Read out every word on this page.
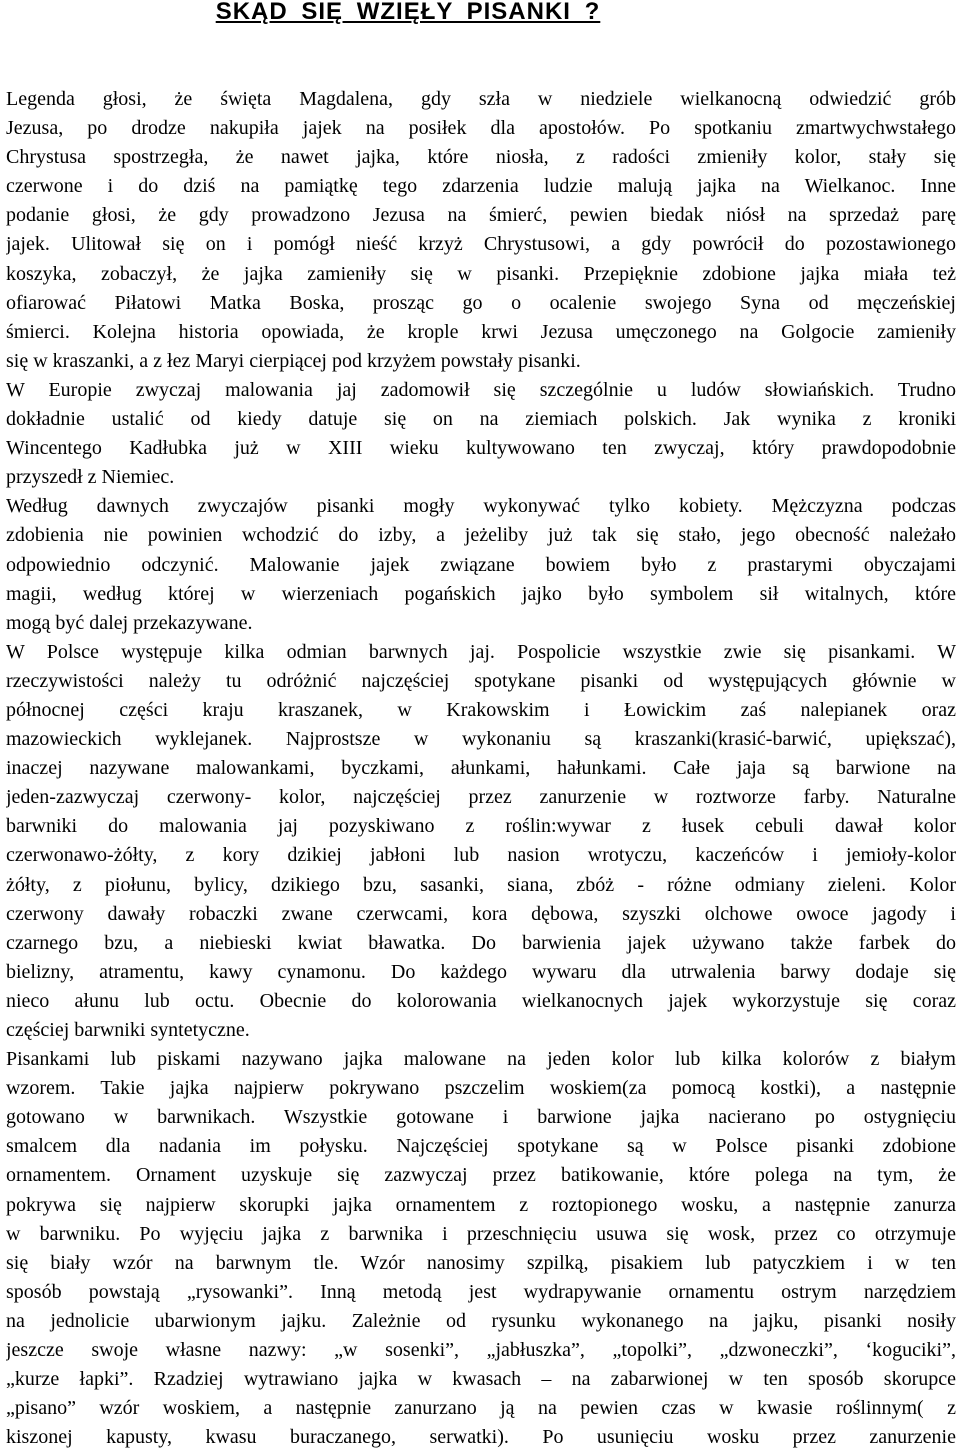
SKĄD SIĘ WZIĘŁY PISANKI ?
Legenda głosi, że święta Magdalena, gdy szła w niedziele wielkanocną odwiedzić grób
Jezusa, po drodze nakupiła jajek na posiłek dla apostołów. Po spotkaniu zmartwychwstałego
Chrystusa spostrzegła, że nawet jajka, które niosła, z radości zmieniły kolor, stały się
czerwone i do dziś na pamiątkę tego zdarzenia ludzie malują jajka na Wielkanoc. Inne
podanie głosi, że gdy prowadzono Jezusa na śmierć, pewien biedak niósł na sprzedaż parę
jajek. Ulitował się on i pomógł nieść krzyż Chrystusowi, a gdy powrócił do pozostawionego
koszyka, zobaczył, że jajka zamieniły się w pisanki. Przepięknie zdobione jajka miała też
ofiarować Piłatowi Matka Boska, prosząc go o ocalenie swojego Syna od męczeńskiej
śmierci. Kolejna historia opowiada, że krople krwi Jezusa umęczonego na Golgocie zamieniły
się w kraszanki, a z łez Maryi cierpiącej pod krzyżem powstały pisanki.
W Europie zwyczaj malowania jaj zadomowił się szczególnie u ludów słowiańskich. Trudno
dokładnie ustalić od kiedy datuje się on na ziemiach polskich. Jak wynika z kroniki
Wincentego Kadłubka już w XIII wieku kultywowano ten zwyczaj, który prawdopodobnie
przyszedł z Niemiec.
Według dawnych zwyczajów pisanki mogły wykonywać tylko kobiety. Mężczyzna podczas
zdobienia nie powinien wchodzić do izby, a jeżeliby już tak się stało, jego obecność należało
odpowiednio odczynić. Malowanie jajek związane bowiem było z prastarymi obyczajami
magii, według której w wierzeniach pogańskich jajko było symbolem sił witalnych, które
mogą być dalej przekazywane.
W Polsce występuje kilka odmian barwnych jaj. Pospolicie wszystkie zwie się pisankami. W
rzeczywistości należy tu odróżnić najczęściej spotykane pisanki od występujących głównie w
północnej części kraju kraszanek, w Krakowskim i Łowickim zaś nalepianek oraz
mazowieckich wyklejanek. Najprostsze w wykonaniu są kraszanki(krasić-barwić, upiększać),
inaczej nazywane malowankami, byczkami, ałunkami, hałunkami. Całe jaja są barwione na
jeden-zazwyczaj czerwony- kolor, najczęściej przez zanurzenie w roztworze farby. Naturalne
barwniki do malowania jaj pozyskiwano z roślin:wywar z łusek cebuli dawał kolor
czerwonawo-żółty, z kory dzikiej jabłoni lub nasion wrotyczu, kaczeńców i jemioły-kolor
żółty, z piołunu, bylicy, dzikiego bzu, sasanki, siana, zbóż - różne odmiany zieleni. Kolor
czerwony dawały robaczki zwane czerwcami, kora dębowa, szyszki olchowe owoce jagody i
czarnego bzu, a niebieski kwiat bławatka. Do barwienia jajek używano także farbek do
bielizny, atramentu, kawy cynamonu. Do każdego wywaru dla utrwalenia barwy dodaje się
nieco ałunu lub octu. Obecnie do kolorowania wielkanocnych jajek wykorzystuje się coraz
częściej barwniki syntetyczne.
Pisankami lub piskami nazywano jajka malowane na jeden kolor lub kilka kolorów z białym
wzorem. Takie jajka najpierw pokrywano pszczelim woskiem(za pomocą kostki), a następnie
gotowano w barwnikach. Wszystkie gotowane i barwione jajka nacierano po ostygnięciu
smalcem dla nadania im połysku. Najczęściej spotykane są w Polsce pisanki zdobione
ornamentem. Ornament uzyskuje się zazwyczaj przez batikowanie, które polega na tym, że
pokrywa się najpierw skorupki jajka ornamentem z roztopionego wosku, a następnie zanurza
w barwniku. Po wyjęciu jajka z barwnika i przeschnięciu usuwa się wosk, przez co otrzymuje
się biały wzór na barwnym tle. Wzór nanosimy szpilką, pisakiem lub patyczkiem i w ten
sposób powstają „rysowanki”. Inną metodą jest wydrapywanie ornamentu ostrym narzędziem
na jednolicie ubarwionym jajku. Zależnie od rysunku wykonanego na jajku, pisanki nosiły
jeszcze swoje własne nazwy: „w sosenki”, „jabłuszka”, „topolki”, „dzwoneczki”, ‘koguciki”,
„kurze łapki”. Rzadziej wytrawiano jajka w kwasach – na zabarwionej w ten sposób skorupce
„pisano” wzór woskiem, a następnie zanurzano ją na pewien czas w kwasie roślinnym( z
kiszonej kapusty, kwasu buraczanego, serwatki). Po usunięciu wosku przez zanurzenie
